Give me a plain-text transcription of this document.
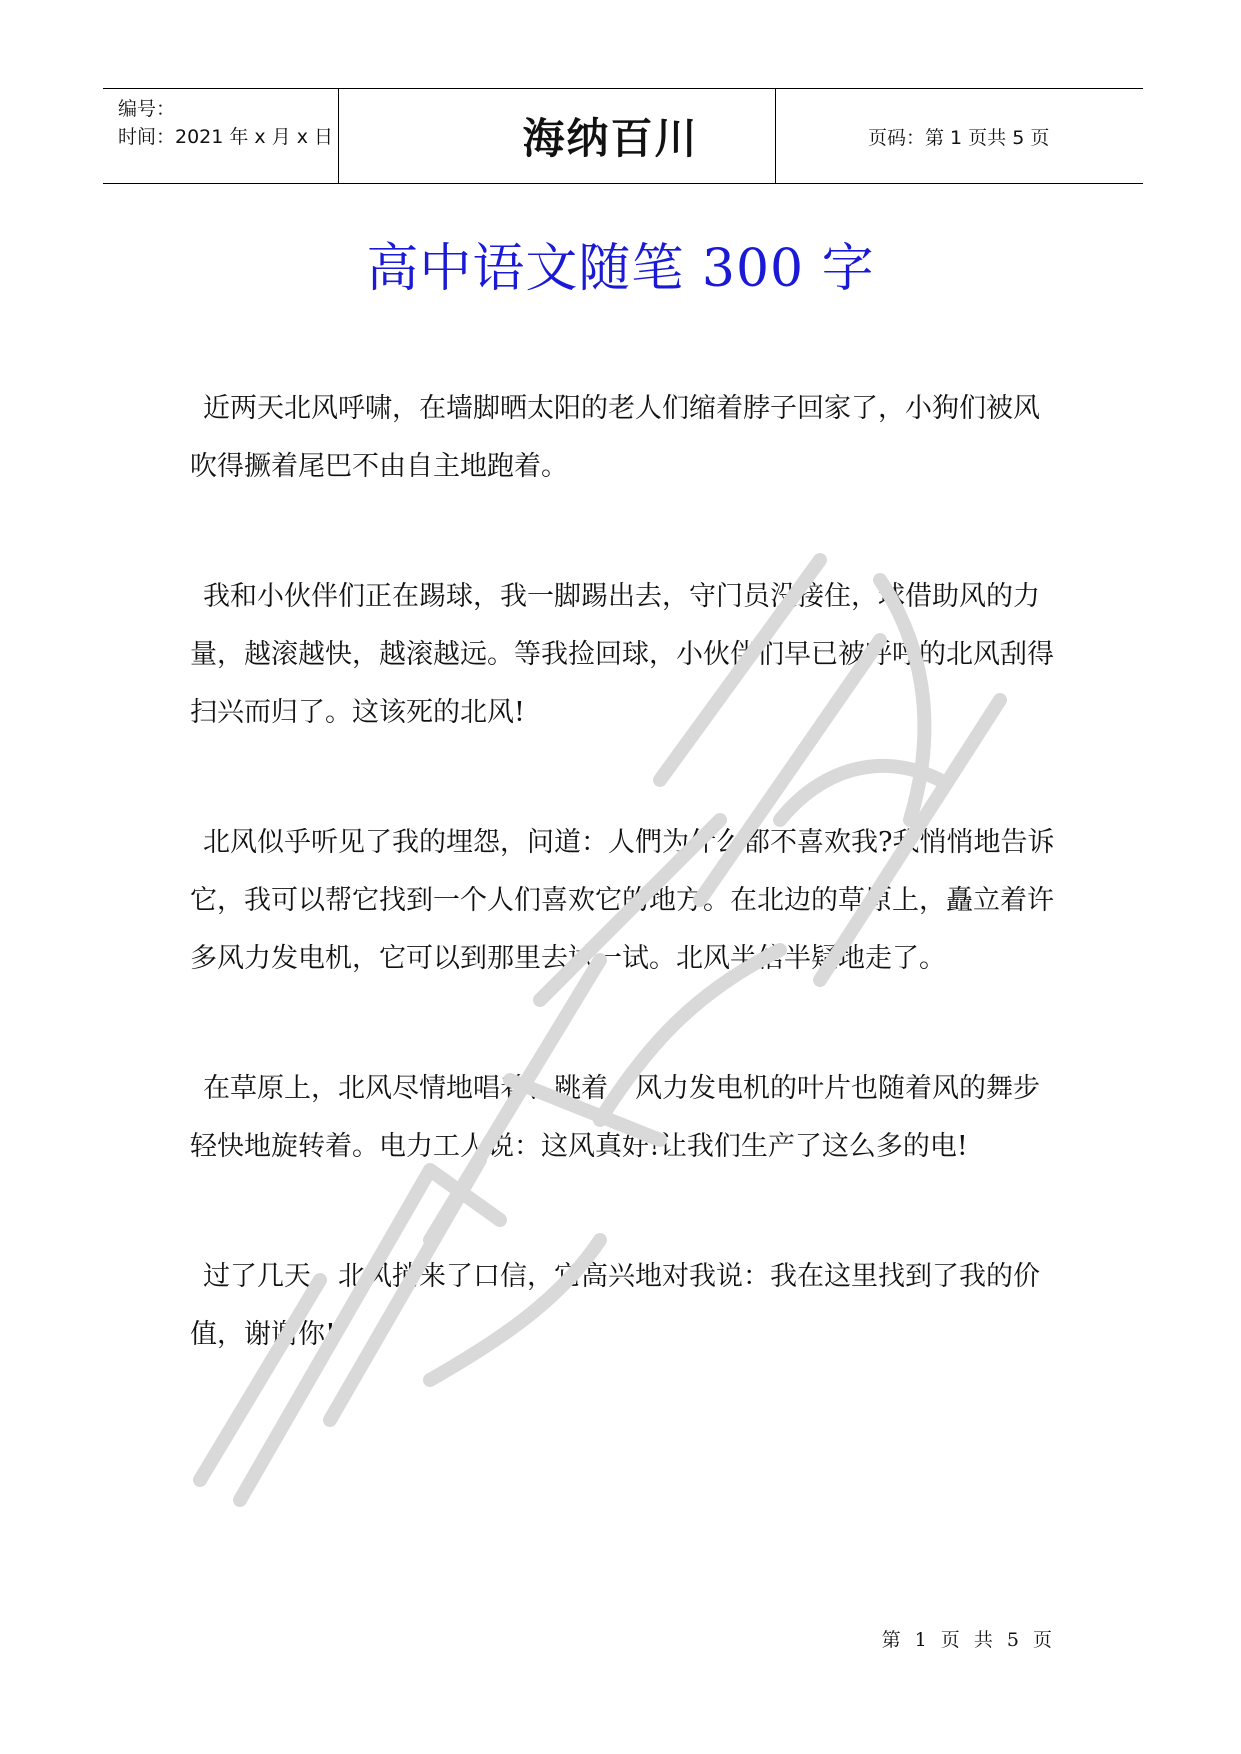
编号：
时间：2021 年 x 月 x 日	海纳百川	页码：第 1 页共 5 页
高中语文随笔 300 字

近两天北风呼啸，在墙脚晒太阳的老人们缩着脖子回家了，小狗们被风吹得撅着尾巴不由自主地跑着。

我和小伙伴们正在踢球，我一脚踢出去，守门员没接住，球借助风的力量，越滚越快，越滚越远。等我捡回球，小伙伴们早已被呼呼的北风刮得扫兴而归了。这该死的北风!

北风似乎听见了我的埋怨，问道：人們为什么都不喜欢我?我悄悄地告诉它，我可以帮它找到一个人们喜欢它的地方。在北边的草原上，矗立着许多风力发电机，它可以到那里去试一试。北风半信半疑地走了。

在草原上，北风尽情地唱着、跳着，风力发电机的叶片也随着风的舞步轻快地旋转着。电力工人说：这风真好!让我们生产了这么多的电!

过了几天，北风捎来了口信，它高兴地对我说：我在这里找到了我的价值，谢谢你!

第 1 页 共 5 页
